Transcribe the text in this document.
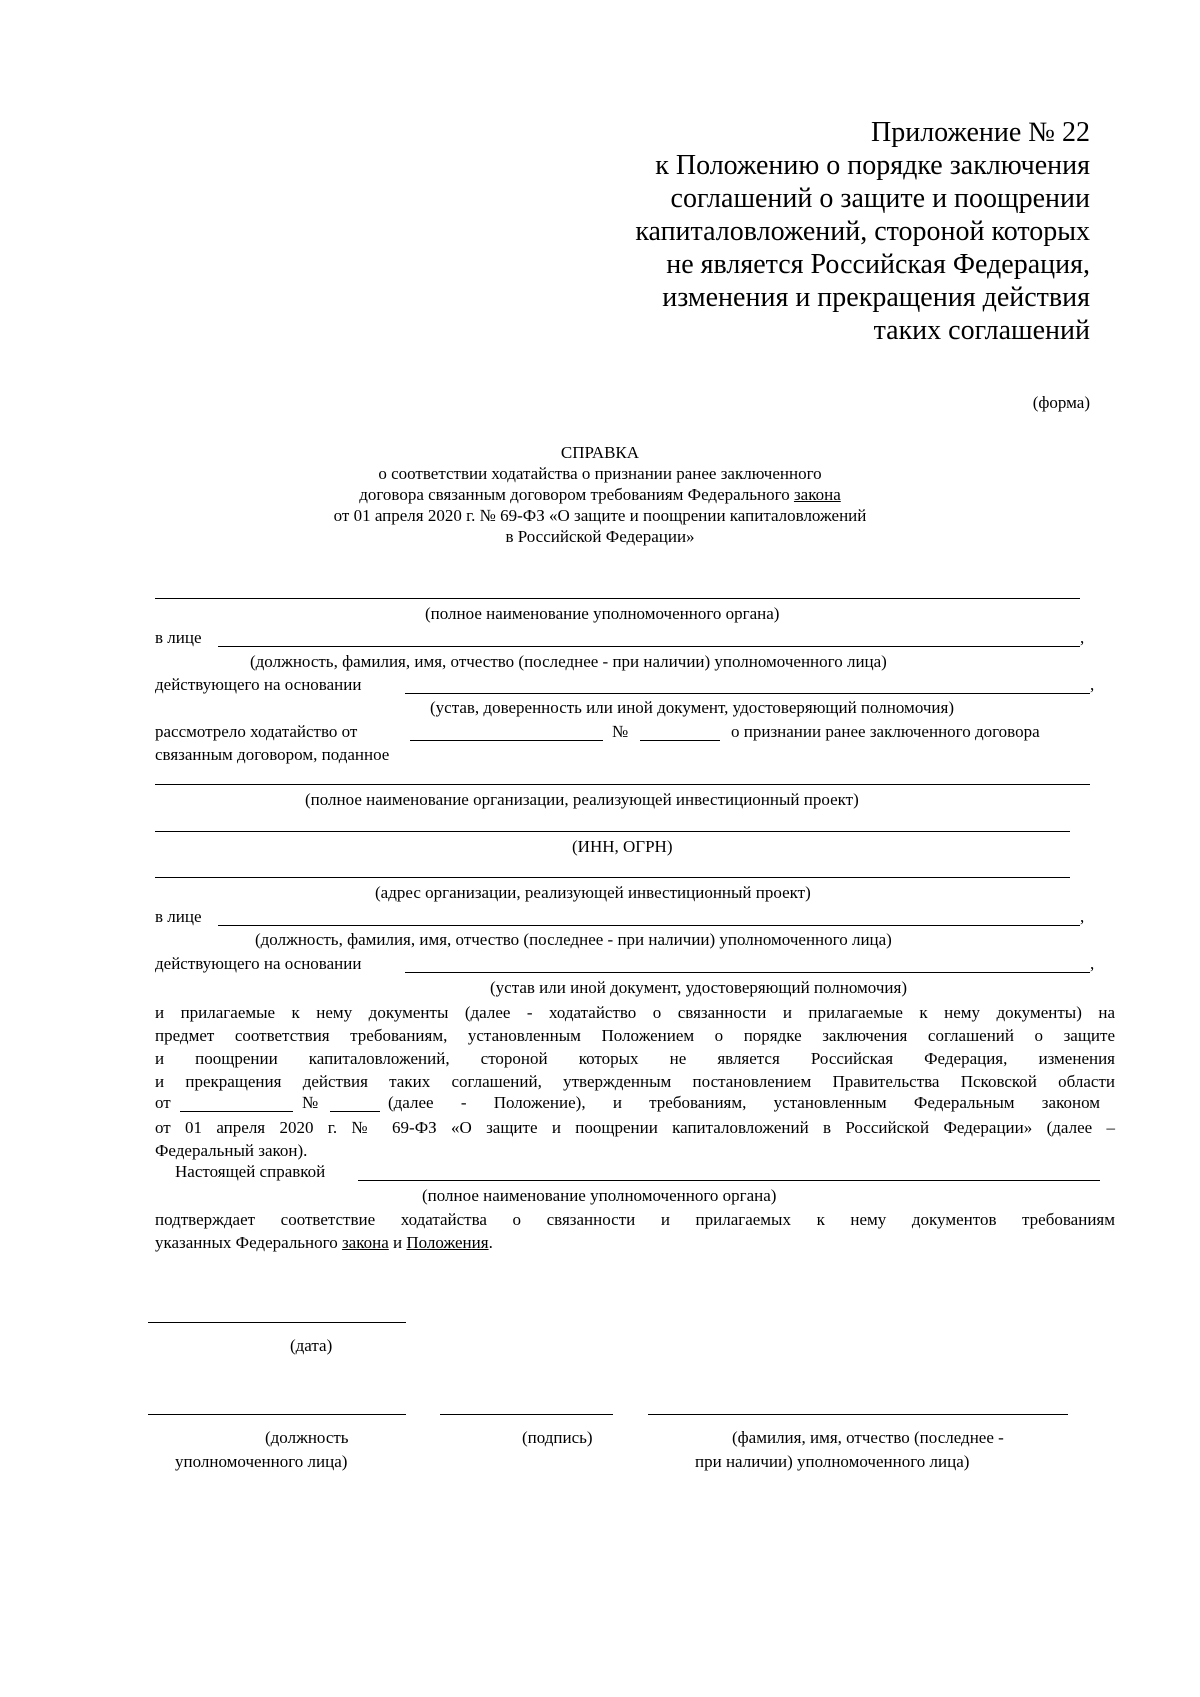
Приложение № 22
к Положению о порядке заключения
соглашений о защите и поощрении
капиталовложений, стороной которых
не является Российская Федерация,
изменения и прекращения действия
таких соглашений
(форма)
СПРАВКА
о соответствии ходатайства о признании ранее заключенного
договора связанным договором требованиям Федерального закона
от 01 апреля 2020 г. № 69-ФЗ «О защите и поощрении капиталовложений
в Российской Федерации»
(полное наименование уполномоченного органа)
в лице	,
(должность, фамилия, имя, отчество (последнее - при наличии) уполномоченного лица)
действующего на основании	,
(устав, доверенность или иной документ, удостоверяющий полномочия)
рассмотрело ходатайство от	№	о признании ранее заключенного договора
связанным договором, поданное
(полное наименование организации, реализующей инвестиционный проект)
(ИНН, ОГРН)
(адрес организации, реализующей инвестиционный проект)
в лице	,
(должность, фамилия, имя, отчество (последнее - при наличии) уполномоченного лица)
действующего на основании	,
(устав или иной документ, удостоверяющий полномочия)
и прилагаемые к нему документы (далее - ходатайство о связанности и прилагаемые к нему документы) на
предмет соответствия требованиям, установленным Положением о порядке заключения соглашений о защите
и поощрении капиталовложений, стороной которых не является Российская Федерация, изменения
и прекращения действия таких соглашений, утвержденным постановлением Правительства Псковской области
от	№	(далее - Положение), и требованиям, установленным Федеральным законом
от 01 апреля 2020 г. № 69-ФЗ «О защите и поощрении капиталовложений в Российской Федерации» (далее –
Федеральный закон).
Настоящей справкой
(полное наименование уполномоченного органа)
подтверждает соответствие ходатайства о связанности и прилагаемых к нему документов требованиям
указанных Федерального закона и Положения.
(дата)
(должность
уполномоченного лица)
(подпись)	(фамилия, имя, отчество (последнее -
при наличии) уполномоченного лица)
